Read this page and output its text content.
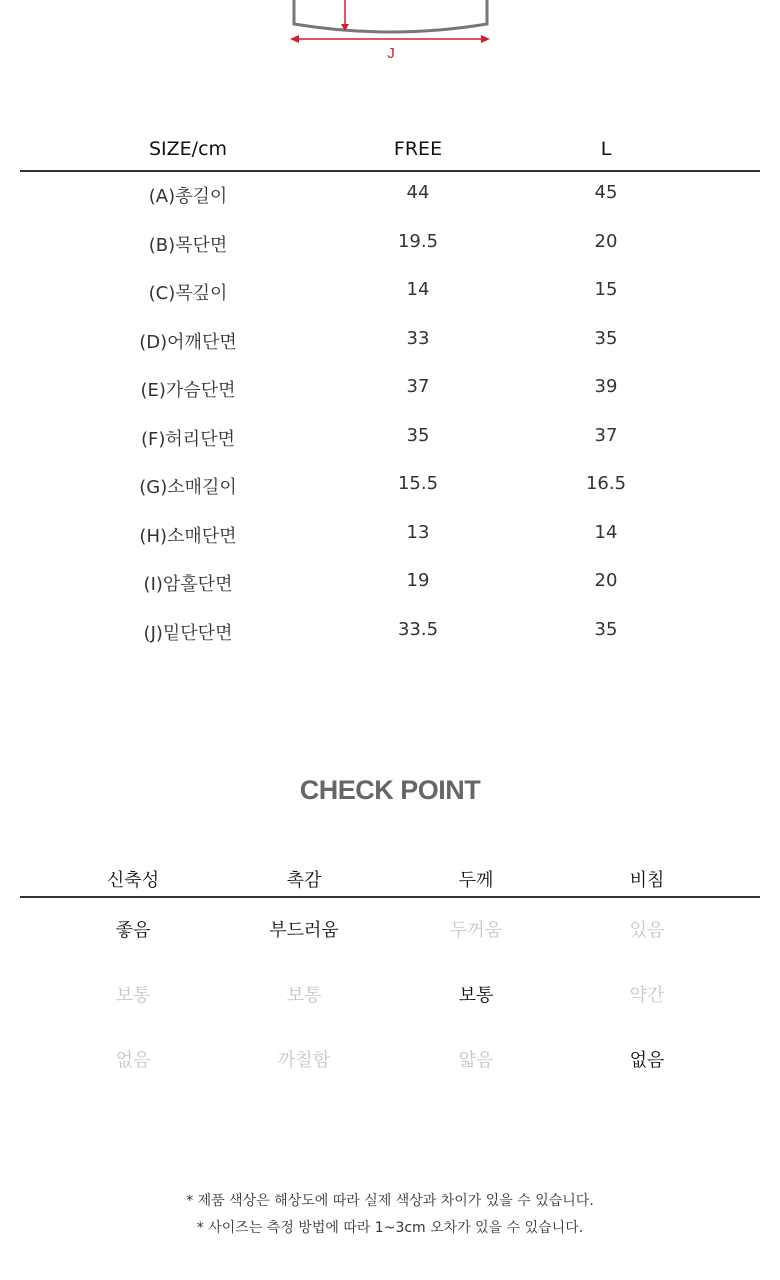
J
SIZE/cm	FREE	L
(A)총길이	44	45
(B)목단면	19.5	20
(C)목깊이	14	15
(D)어깨단면	33	35
(E)가슴단면	37	39
(F)허리단면	35	37
(G)소매길이	15.5	16.5
(H)소매단면	13	14
(I)암홀단면	19	20
(J)밑단단면	33.5	35
CHECK POINT
신축성	촉감	두께	비침
좋음	부드러움	두꺼움	있음
보통	보통	보통	약간
없음	까칠함	얇음	없음
* 제품 색상은 해상도에 따라 실제 색상과 차이가 있을 수 있습니다.
* 사이즈는 측정 방법에 따라 1~3cm 오차가 있을 수 있습니다.
